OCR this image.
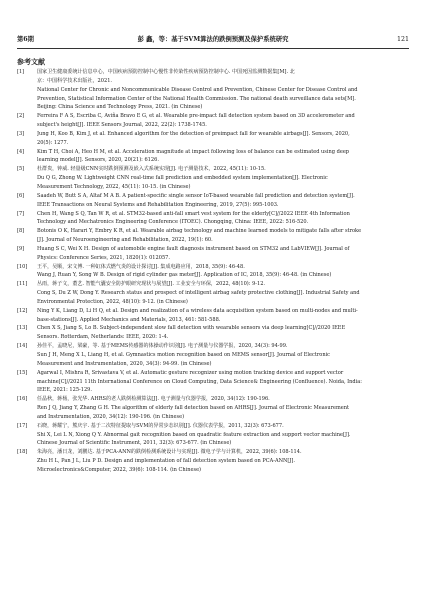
第6期	彭 鑫，等：基于SVM算法的跌倒预测及保护系统研究	121
参考文献
[1]	国家卫生健康委统计信息中心，中国疾病预防控制中心慢性非传染性疾病预防控制中心. 中国死因监测数据集[M]. 北
京：中国科学技术出版社，2021.
National Center for Chronic and Noncommunicable Disease Control and Prevention, Chinese Center for Disease Control and
Prevention, Statistical Information Center of the National Health Commission. The national death surveillance data sets[M].
Beijing: China Science and Technology Press, 2021. (in Chinese)
[2]	Ferreira F A S, Escriba C, Aviña Bravo E G, et al. Wearable pre-impact fall detection system based on 3D accelerometer and
subject's height[J]. IEEE Sensors Journal, 2022, 22(2): 1738-1745.
[3]	Jung H, Koo B, Kim J, et al. Enhanced algorithm for the detection of preimpact fall for wearable airbags[J]. Sensors, 2020,
20(5): 1277.
[4]	Kim T H, Choi A, Heo H M, et al. Acceleration magnitude at impact following loss of balance can be estimated using deep
learning model[J]. Sensors, 2020, 20(21): 6126.
[5]	杜群贵，钟威. 轻量级CNN实时跌倒预测及嵌入式系统实现[J]. 电子测量技术，2022, 45(11): 10-15.
Du Q G, Zhong W. Lightweight CNN real-time fall prediction and embedded system implementation[J]. Electronic
Measurement Technology, 2022, 45(11): 10-15. (in Chinese)
[6]	Saadeh W, Butt S A, Altaf M A B. A patient-specific single sensor IoT-based wearable fall prediction and detection system[J].
IEEE Transactions on Neural Systems and Rehabilitation Engineering, 2019, 27(5): 995-1003.
[7]	Chen H, Wang S Q, Tan W R, et al. STM32-based anti-fall smart vest system for the elderly[C]//2022 IEEE 4th Information
Technology and Mechatronics Engineering Conference (ITOEC). Chongqing, China: IEEE, 2022: 516-520.
[8]	Botonis O K, Harari Y, Embry K R, et al. Wearable airbag technology and machine learned models to mitigate falls after stroke
[J]. Journal of Neuroengineering and Rehabilitation, 2022, 19(1): 60.
[9]	Huang S C, Wei X H. Design of automobile engine fault diagnosis instrument based on STM32 and LabVIEW[J]. Journal of
Physics: Conference Series, 2021, 1820(1): 012057.
[10] 王平，吴顺，宋文博. 一种缸体式燃气炎的设计探讨[J]. 集成电路应用，2018, 35(9): 46-48.
Wang J, Ruan Y, Song W B. Design of rigid cylinder gas meter[J]. Application of IC, 2018, 35(9): 46-48. (in Chinese)
[11] 丛雨，蒋子文，董艺. 智能气囊安全防护眼研究现状与展望[J]. 工业安全与环保，2022, 48(10): 9-12.
Cong S, Du Z W, Dong Y. Research status and prospect of intelligent airbag safety protective clothing[J]. Industrial Safety and
Environmental Protection, 2022, 48(10): 9-12. (in Chinese)
[12] Ning Y K, Liang D, Li H Q, et al. Design and realization of a wireless data acquisition system based on multi-nodes and multi-
base-stations[J]. Applied Mechanics and Materials, 2013, 461: 581-588.
[13] Chen X S, Jiang S, Lo B. Subject-independent slow fall detection with wearable sensors via deep learning[C]//2020 IEEE
Sensors. Rotterdam, Netherlands: IEEE, 2020: 1-4.
[14] 孙佳平，孟晓尼，梁豪，等. 基于MEMS传感器的体操动作识别[J]. 电子测量与仪器学报，2020, 34(3): 94-99.
Sun J H, Meng X L, Liang H, et al. Gymnastics motion recognition based on MEMS sensor[J]. Journal of Electronic
Measurement and Instrumentation, 2020, 34(3): 94-99. (in Chinese)
[15] Agarwal I, Mishra R, Srivastava V, et al. Automatic gesture recognizer using motion tracking device and support vector
machine[C]//2021 11th International Conference on Cloud Computing, Data Science& Engineering (Confluence). Noida, India:
IEEE, 2021: 125-129.
[16] 任晶秋，蒋杨，张光华. AHRS的老人跌倒检测算法[J]. 电子测量与仪器学报，2020, 34(12): 190-196.
Ren J Q, Jiang Y, Zhang G H. The algorithm of elderly fall detection based on AHRS[J]. Journal of Electronic Measurement
and Instrumentation, 2020, 34(12): 190-196. (in Chinese)
[17] 石晓，蒋耀宁，熊庆宇. 基于二次特征提取与SVM的异常步态识别[J]. 仪器仪表学报，2011, 32(3): 673-677.
Shi X, Lei L N, Xiong Q Y. Abnormal gait recognition based on quadratic feature extraction and support vector machine[J].
Chinese Journal of Scientific Instrument, 2011, 32(3): 673-677. (in Chinese)
[18] 朱海亮，潘日龙，刘鹏达. 基于PCA-ANN的跌倒检测系统设计与实现[J]. 微电子学与计算机，2022, 39(6): 108-114.
Zhu H L, Pan J L, Liu P D. Design and implementation of fall detection system based on PCA-ANN[J].
Microelectronics&Computer, 2022, 39(6): 108-114. (in Chinese)
